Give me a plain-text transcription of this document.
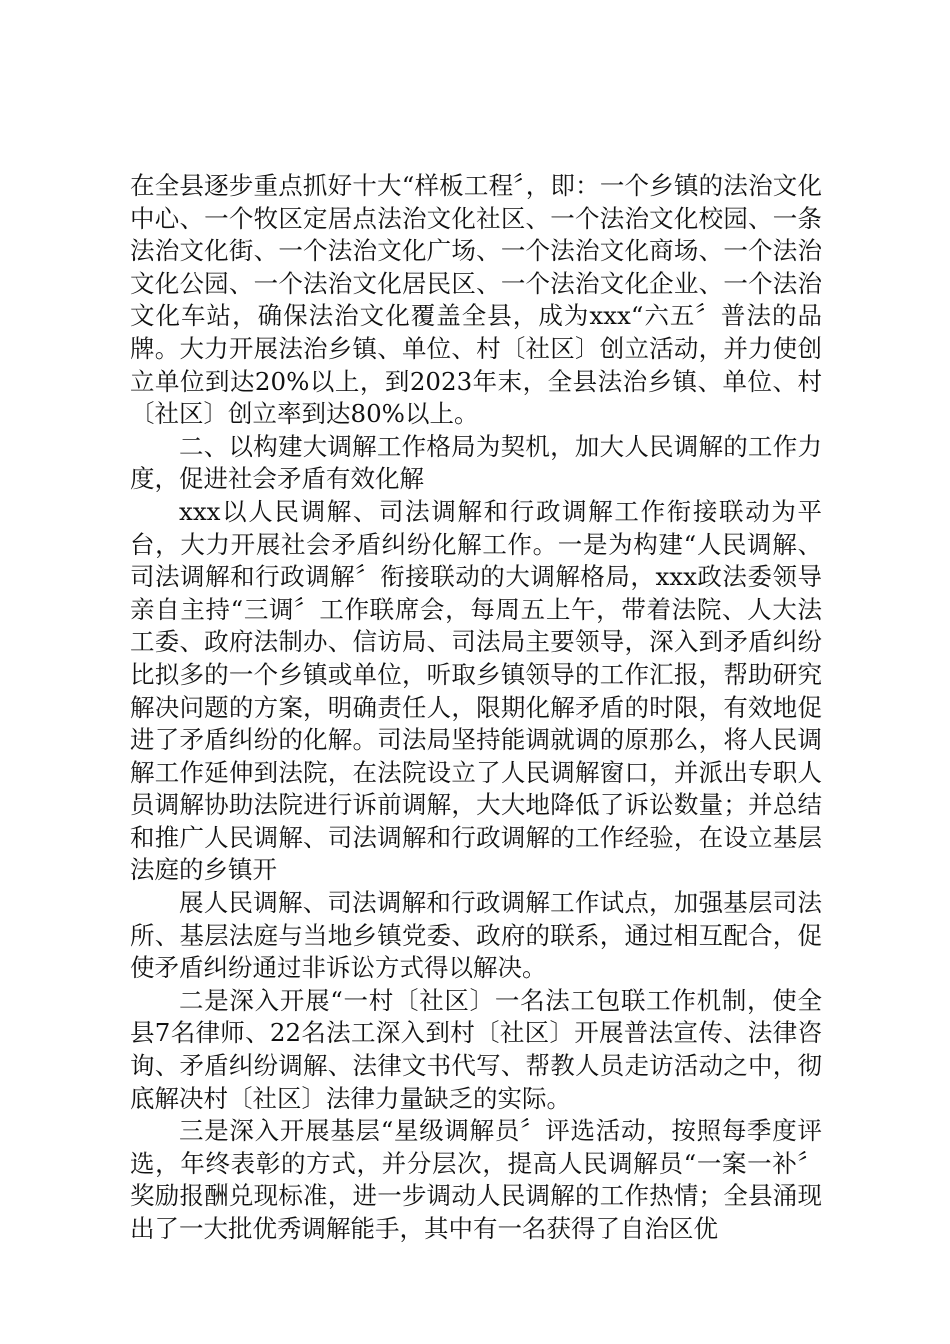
在全县逐步重点抓好十大“样板工程〞，即：一个乡镇的法治文化中心、一个牧区定居点法治文化社区、一个法治文化校园、一条法治文化街、一个法治文化广场、一个法治文化商场、一个法治文化公园、一个法治文化居民区、一个法治文化企业、一个法治文化车站，确保法治文化覆盖全县，成为xxx“六五〞普法的品牌。大力开展法治乡镇、单位、村〔社区〕创立活动，并力使创立单位到达20%以上，到2023年末，全县法治乡镇、单位、村〔社区〕创立率到达80%以上。

二、以构建大调解工作格局为契机，加大人民调解的工作力度，促进社会矛盾有效化解

xxx以人民调解、司法调解和行政调解工作衔接联动为平台，大力开展社会矛盾纠纷化解工作。一是为构建“人民调解、司法调解和行政调解〞衔接联动的大调解格局，xxx政法委领导亲自主持“三调〞工作联席会，每周五上午，带着法院、人大法工委、政府法制办、信访局、司法局主要领导，深入到矛盾纠纷比拟多的一个乡镇或单位，听取乡镇领导的工作汇报，帮助研究解决问题的方案，明确责任人，限期化解矛盾的时限，有效地促进了矛盾纠纷的化解。司法局坚持能调就调的原那么，将人民调解工作延伸到法院，在法院设立了人民调解窗口，并派出专职人员调解协助法院进行诉前调解，大大地降低了诉讼数量；并总结和推广人民调解、司法调解和行政调解的工作经验，在设立基层法庭的乡镇开

展人民调解、司法调解和行政调解工作试点，加强基层司法所、基层法庭与当地乡镇党委、政府的联系，通过相互配合，促使矛盾纠纷通过非诉讼方式得以解决。

二是深入开展“一村〔社区〕一名法工包联工作机制，使全县7名律师、22名法工深入到村〔社区〕开展普法宣传、法律咨询、矛盾纠纷调解、法律文书代写、帮教人员走访活动之中，彻底解决村〔社区〕法律力量缺乏的实际。

三是深入开展基层“星级调解员〞评选活动，按照每季度评选，年终表彰的方式，并分层次，提高人民调解员“一案一补〞奖励报酬兑现标准，进一步调动人民调解的工作热情；全县涌现出了一大批优秀调解能手，其中有一名获得了自治区优
